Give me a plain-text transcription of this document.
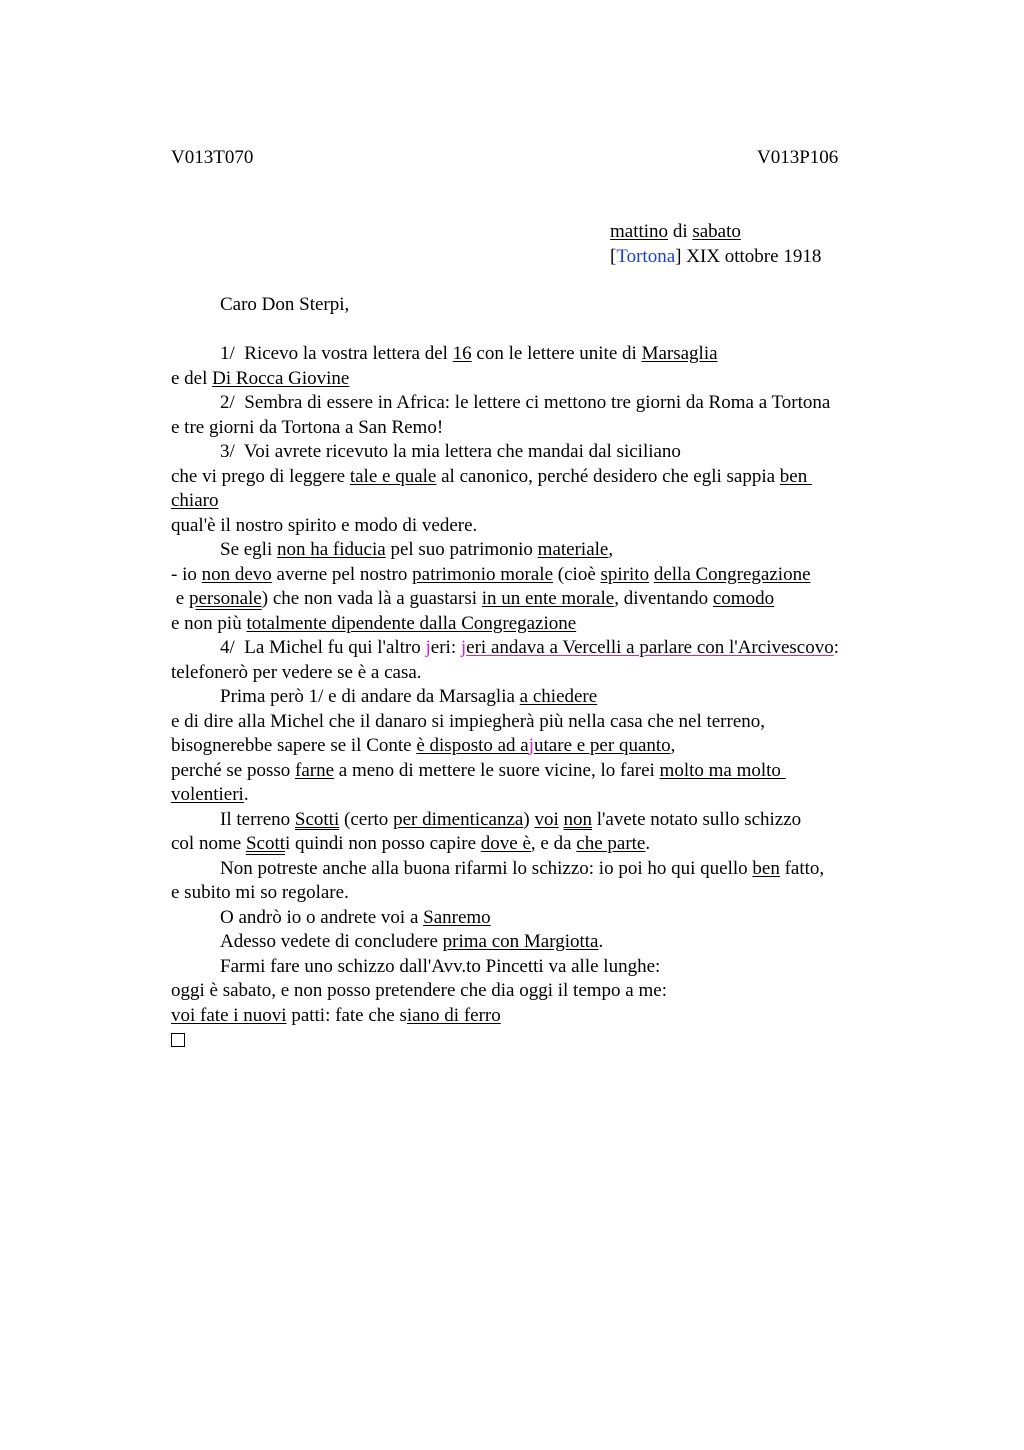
V013T070	V013P106
mattino di sabato
[Tortona] XIX ottobre 1918
Caro Don Sterpi,
1/  Ricevo la vostra lettera del 16 con le lettere unite di Marsaglia
e del Di Rocca Giovine
2/  Sembra di essere in Africa: le lettere ci mettono tre giorni da Roma a Tortona
e tre giorni da Tortona a San Remo!
3/  Voi avrete ricevuto la mia lettera che mandai dal siciliano
che vi prego di leggere tale e quale al canonico, perché desidero che egli sappia ben
chiaro
qual'è il nostro spirito e modo di vedere.
Se egli non ha fiducia pel suo patrimonio materiale,
- io non devo averne pel nostro patrimonio morale (cioè spirito della Congregazione
e personale) che non vada là a guastarsi in un ente morale, diventando comodo
e non più totalmente dipendente dalla Congregazione
4/  La Michel fu qui l'altro jeri: jeri andava a Vercelli a parlare con l'Arcivescovo:
telefonerò per vedere se è a casa.
Prima però 1/ e di andare da Marsaglia a chiedere
e di dire alla Michel che il danaro si impiegherà più nella casa che nel terreno,
bisognerebbe sapere se il Conte è disposto ad ajutare e per quanto,
perché se posso farne a meno di mettere le suore vicine, lo farei molto ma molto
volentieri.
Il terreno Scotti (certo per dimenticanza) voi non l'avete notato sullo schizzo
col nome Scotti quindi non posso capire dove è, e da che parte.
Non potreste anche alla buona rifarmi lo schizzo: io poi ho qui quello ben fatto,
e subito mi so regolare.
O andrò io o andrete voi a Sanremo
Adesso vedete di concludere prima con Margiotta.
Farmi fare uno schizzo dall'Avv.to Pincetti va alle lunghe:
oggi è sabato, e non posso pretendere che dia oggi il tempo a me:
voi fate i nuovi patti: fate che siano di ferro
